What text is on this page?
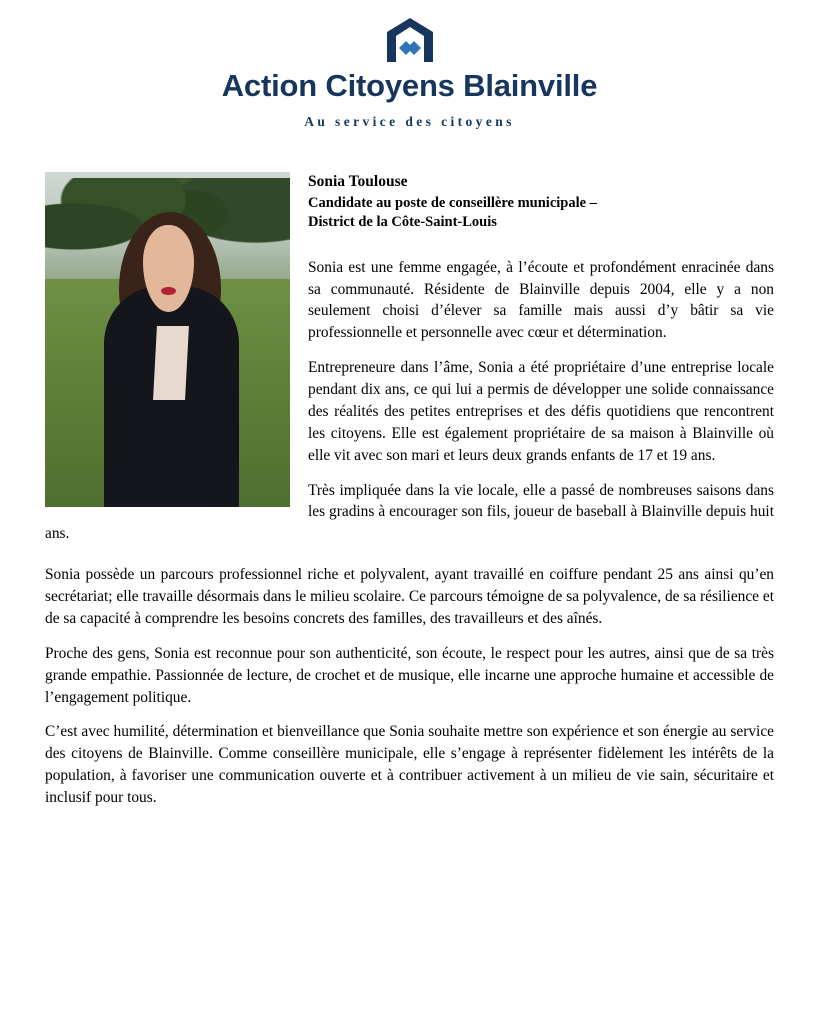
Action Citoyens Blainville
Au service des citoyens
Sonia Toulouse
Candidate au poste de conseillère municipale –
District de la Côte-Saint-Louis

Sonia est une femme engagée, à l’écoute et profondément enracinée dans sa communauté. Résidente de Blainville depuis 2004, elle y a non seulement choisi d’élever sa famille mais aussi d’y bâtir sa vie professionnelle et personnelle avec cœur et détermination.

Entrepreneure dans l’âme, Sonia a été propriétaire d’une entreprise locale pendant dix ans, ce qui lui a permis de développer une solide connaissance des réalités des petites entreprises et des défis quotidiens que rencontrent les citoyens. Elle est également propriétaire de sa maison à Blainville où elle vit avec son mari et leurs deux grands enfants de 17 et 19 ans.

Très impliquée dans la vie locale, elle a passé de nombreuses saisons dans les gradins à encourager son fils, joueur de baseball à Blainville depuis huit ans.

Sonia possède un parcours professionnel riche et polyvalent, ayant travaillé en coiffure pendant 25 ans ainsi qu’en secrétariat; elle travaille désormais dans le milieu scolaire. Ce parcours témoigne de sa polyvalence, de sa résilience et de sa capacité à comprendre les besoins concrets des familles, des travailleurs et des aînés.

Proche des gens, Sonia est reconnue pour son authenticité, son écoute, le respect pour les autres, ainsi que de sa très grande empathie. Passionnée de lecture, de crochet et de musique, elle incarne une approche humaine et accessible de l’engagement politique.

C’est avec humilité, détermination et bienveillance que Sonia souhaite mettre son expérience et son énergie au service des citoyens de Blainville. Comme conseillère municipale, elle s’engage à représenter fidèlement les intérêts de la population, à favoriser une communication ouverte et à contribuer activement à un milieu de vie sain, sécuritaire et inclusif pour tous.
